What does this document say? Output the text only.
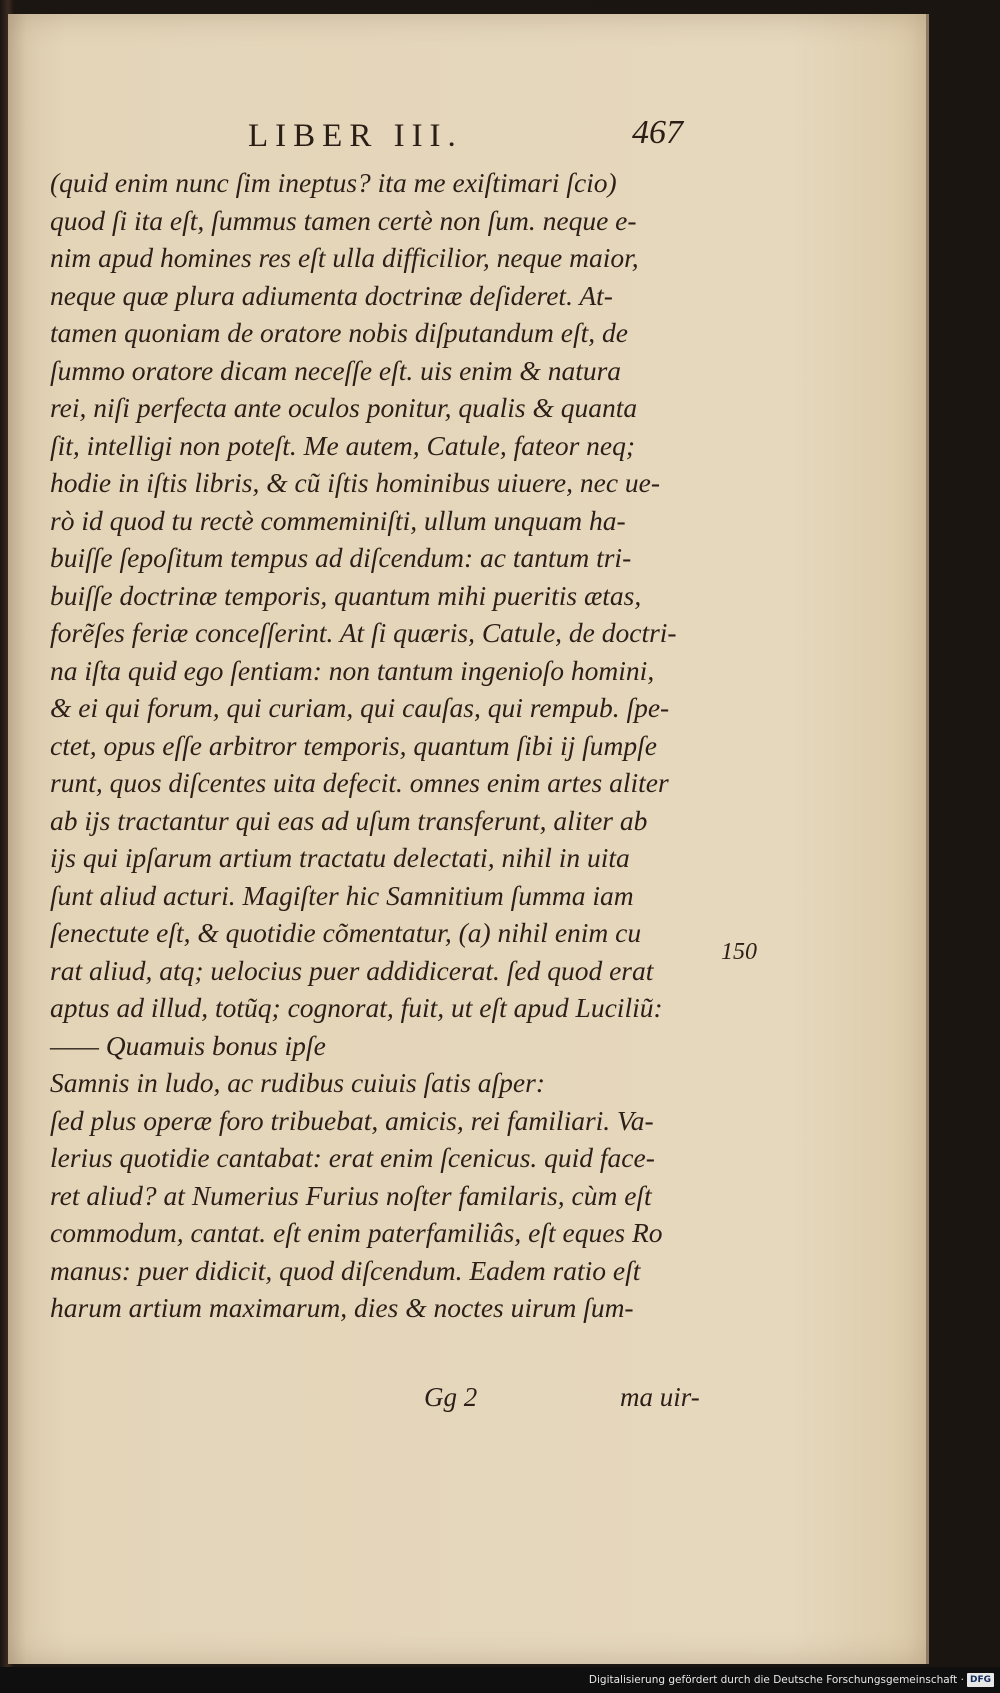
LIBER III.	467
(quid enim nunc ſim ineptus? ita me exiſtimari ſcio)
quod ſi ita eſt, ſummus tamen certè non ſum. neque e-
nim apud homines res eſt ulla difficilior, neque maior,
neque quæ plura adiumenta doctrinæ deſideret. At-
tamen quoniam de oratore nobis diſputandum eſt, de
ſummo oratore dicam neceſſe eſt. uis enim & natura
rei, niſi perfecta ante oculos ponitur, qualis & quanta
ſit, intelligi non poteſt. Me autem, Catule, fateor neq;
hodie in iſtis libris, & cũ iſtis hominibus uiuere, nec ue-
rò id quod tu rectè commeminiſti, ullum unquam ha-
buiſſe ſepoſitum tempus ad diſcendum: ac tantum tri-
buiſſe doctrinæ temporis, quantum mihi pueritis ætas,
forẽſes feriæ conceſſerint. At ſi quæris, Catule, de doctri-
na iſta quid ego ſentiam: non tantum ingenioſo homini,
& ei qui forum, qui curiam, qui cauſas, qui rempub. ſpe-
ctet, opus eſſe arbitror temporis, quantum ſibi ij ſumpſe
runt, quos diſcentes uita defecit. omnes enim artes aliter
ab ijs tractantur qui eas ad uſum transferunt, aliter ab
ijs qui ipſarum artium tractatu delectati, nihil in uita
ſunt aliud acturi. Magiſter hic Samnitium ſumma iam
ſenectute eſt, & quotidie cõmentatur, (a) nihil enim cu
rat aliud, atq; uelocius puer addidicerat. ſed quod erat
aptus ad illud, totũq; cognorat, fuit, ut eſt apud Luciliũ:
—— Quamuis bonus ipſe
Samnis in ludo, ac rudibus cuiuis ſatis aſper:
ſed plus operæ foro tribuebat, amicis, rei familiari. Va-
lerius quotidie cantabat: erat enim ſcenicus. quid face-
ret aliud? at Numerius Furius noſter familaris, cùm eſt
commodum, cantat. eſt enim paterfamiliâs, eſt eques Ro
manus: puer didicit, quod diſcendum. Eadem ratio eſt
harum artium maximarum, dies & noctes uirum ſum-
150
Gg 2	ma uir-
Digitalisierung gefördert durch die Deutsche Forschungsgemeinschaft · DFG
